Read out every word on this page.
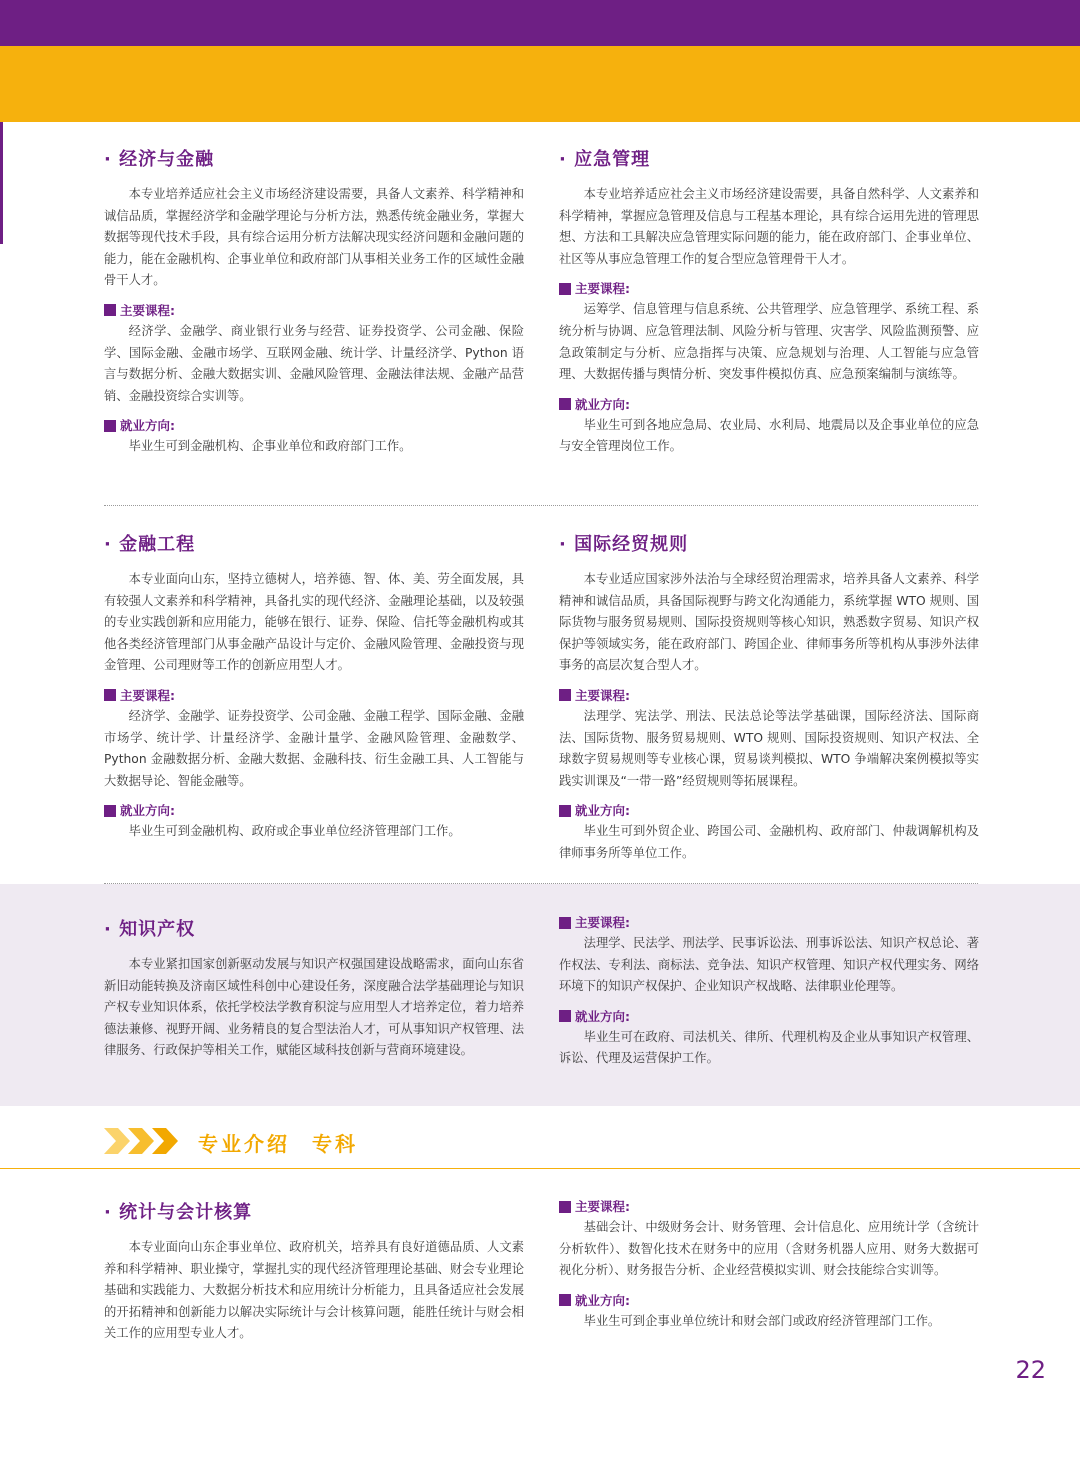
· 经济与金融

本专业培养适应社会主义市场经济建设需要，具备人文素养、科学精神和诚信品质，掌握经济学和金融学理论与分析方法，熟悉传统金融业务，掌握大数据等现代技术手段，具有综合运用分析方法解决现实经济问题和金融问题的能力，能在金融机构、企事业单位和政府部门从事相关业务工作的区域性金融骨干人才。

主要课程:

经济学、金融学、商业银行业务与经营、证券投资学、公司金融、保险学、国际金融、金融市场学、互联网金融、统计学、计量经济学、Python 语言与数据分析、金融大数据实训、金融风险管理、金融法律法规、金融产品营销、金融投资综合实训等。

就业方向:

毕业生可到金融机构、企事业单位和政府部门工作。

· 应急管理

本专业培养适应社会主义市场经济建设需要，具备自然科学、人文素养和科学精神，掌握应急管理及信息与工程基本理论，具有综合运用先进的管理思想、方法和工具解决应急管理实际问题的能力，能在政府部门、企事业单位、社区等从事应急管理工作的复合型应急管理骨干人才。

主要课程:

运筹学、信息管理与信息系统、公共管理学、应急管理学、系统工程、系统分析与协调、应急管理法制、风险分析与管理、灾害学、风险监测预警、应急政策制定与分析、应急指挥与决策、应急规划与治理、人工智能与应急管理、大数据传播与舆情分析、突发事件模拟仿真、应急预案编制与演练等。

就业方向:

毕业生可到各地应急局、农业局、水利局、地震局以及企事业单位的应急与安全管理岗位工作。

· 金融工程

本专业面向山东，坚持立德树人，培养德、智、体、美、劳全面发展，具有较强人文素养和科学精神，具备扎实的现代经济、金融理论基础，以及较强的专业实践创新和应用能力，能够在银行、证券、保险、信托等金融机构或其他各类经济管理部门从事金融产品设计与定价、金融风险管理、金融投资与现金管理、公司理财等工作的创新应用型人才。

主要课程:

经济学、金融学、证券投资学、公司金融、金融工程学、国际金融、金融市场学、统计学、计量经济学、金融计量学、金融风险管理、金融数学、Python 金融数据分析、金融大数据、金融科技、衍生金融工具、人工智能与大数据导论、智能金融等。

就业方向:

毕业生可到金融机构、政府或企事业单位经济管理部门工作。

· 国际经贸规则

本专业适应国家涉外法治与全球经贸治理需求，培养具备人文素养、科学精神和诚信品质，具备国际视野与跨文化沟通能力，系统掌握 WTO 规则、国际货物与服务贸易规则、国际投资规则等核心知识，熟悉数字贸易、知识产权保护等领域实务，能在政府部门、跨国企业、律师事务所等机构从事涉外法律事务的高层次复合型人才。

主要课程:

法理学、宪法学、刑法、民法总论等法学基础课，国际经济法、国际商法、国际货物、服务贸易规则、WTO 规则、国际投资规则、知识产权法、全球数字贸易规则等专业核心课，贸易谈判模拟、WTO 争端解决案例模拟等实践实训课及“一带一路”经贸规则等拓展课程。

就业方向:

毕业生可到外贸企业、跨国公司、金融机构、政府部门、仲裁调解机构及律师事务所等单位工作。

· 知识产权

本专业紧扣国家创新驱动发展与知识产权强国建设战略需求，面向山东省新旧动能转换及济南区域性科创中心建设任务，深度融合法学基础理论与知识产权专业知识体系，依托学校法学教育积淀与应用型人才培养定位，着力培养德法兼修、视野开阔、业务精良的复合型法治人才，可从事知识产权管理、法律服务、行政保护等相关工作，赋能区域科技创新与营商环境建设。

主要课程:

法理学、民法学、刑法学、民事诉讼法、刑事诉讼法、知识产权总论、著作权法、专利法、商标法、竞争法、知识产权管理、知识产权代理实务、网络环境下的知识产权保护、企业知识产权战略、法律职业伦理等。

就业方向:

毕业生可在政府、司法机关、律所、代理机构及企业从事知识产权管理、诉讼、代理及运营保护工作。

专业介绍 专科
· 统计与会计核算

本专业面向山东企事业单位、政府机关，培养具有良好道德品质、人文素养和科学精神、职业操守，掌握扎实的现代经济管理理论基础、财会专业理论基础和实践能力、大数据分析技术和应用统计分析能力，且具备适应社会发展的开拓精神和创新能力以解决实际统计与会计核算问题，能胜任统计与财会相关工作的应用型专业人才。

主要课程:

基础会计、中级财务会计、财务管理、会计信息化、应用统计学（含统计分析软件）、数智化技术在财务中的应用（含财务机器人应用、财务大数据可视化分析）、财务报告分析、企业经营模拟实训、财会技能综合实训等。

就业方向:

毕业生可到企事业单位统计和财会部门或政府经济管理部门工作。

22
